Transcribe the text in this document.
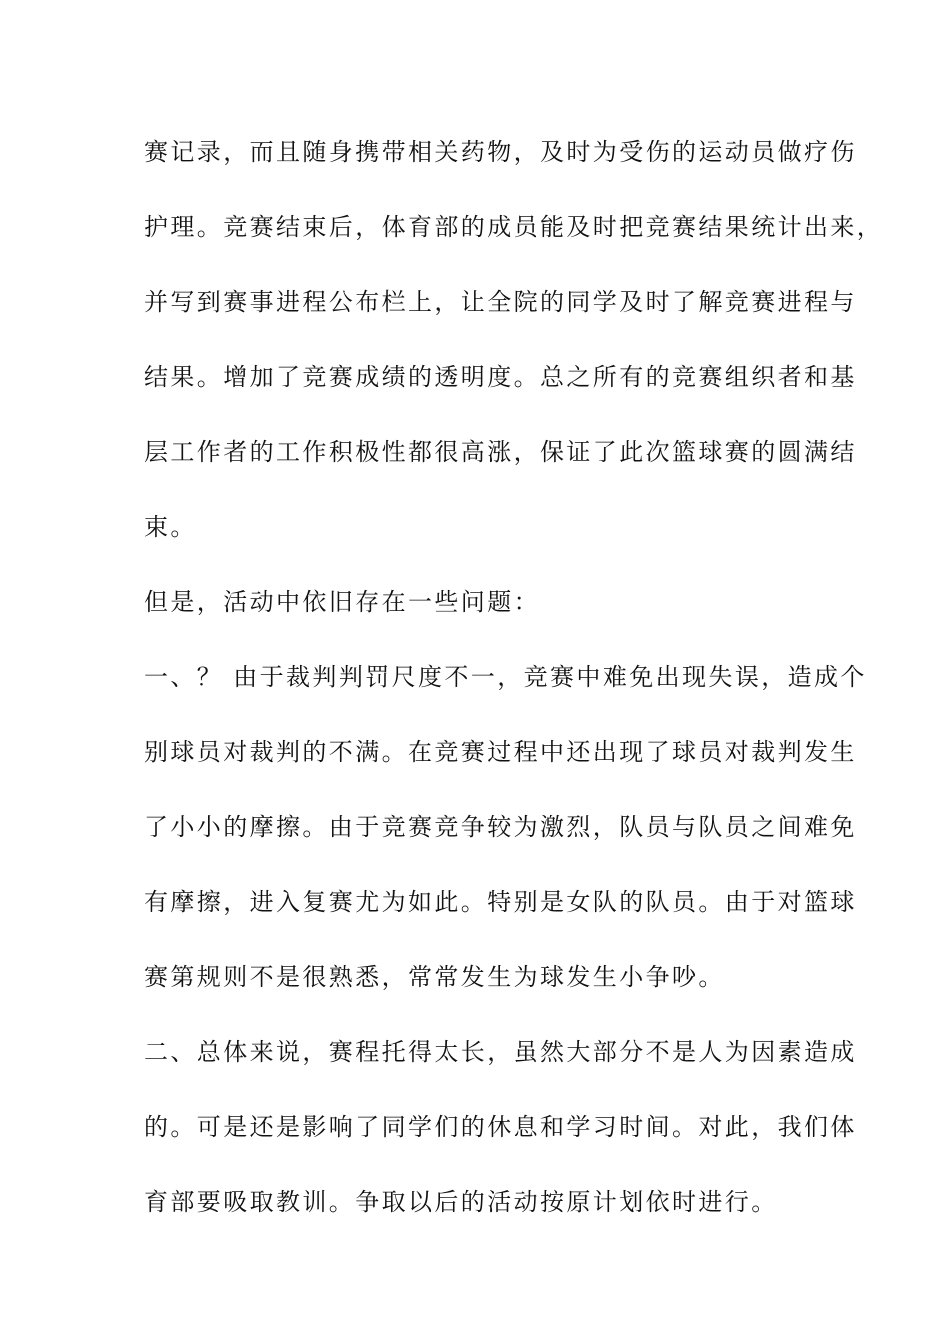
赛记录，而且随身携带相关药物，及时为受伤的运动员做疗伤
护理。竞赛结束后，体育部的成员能及时把竞赛结果统计出来，
并写到赛事进程公布栏上，让全院的同学及时了解竞赛进程与
结果。增加了竞赛成绩的透明度。总之所有的竞赛组织者和基
层工作者的工作积极性都很高涨，保证了此次篮球赛的圆满结
束。
但是，活动中依旧存在一些问题：
一、？ 由于裁判判罚尺度不一，竞赛中难免出现失误，造成个
别球员对裁判的不满。在竞赛过程中还出现了球员对裁判发生
了小小的摩擦。由于竞赛竞争较为激烈，队员与队员之间难免
有摩擦，进入复赛尤为如此。特别是女队的队员。由于对篮球
赛第规则不是很熟悉，常常发生为球发生小争吵。
二、总体来说，赛程托得太长，虽然大部分不是人为因素造成
的。可是还是影响了同学们的休息和学习时间。对此，我们体
育部要吸取教训。争取以后的活动按原计划依时进行。
